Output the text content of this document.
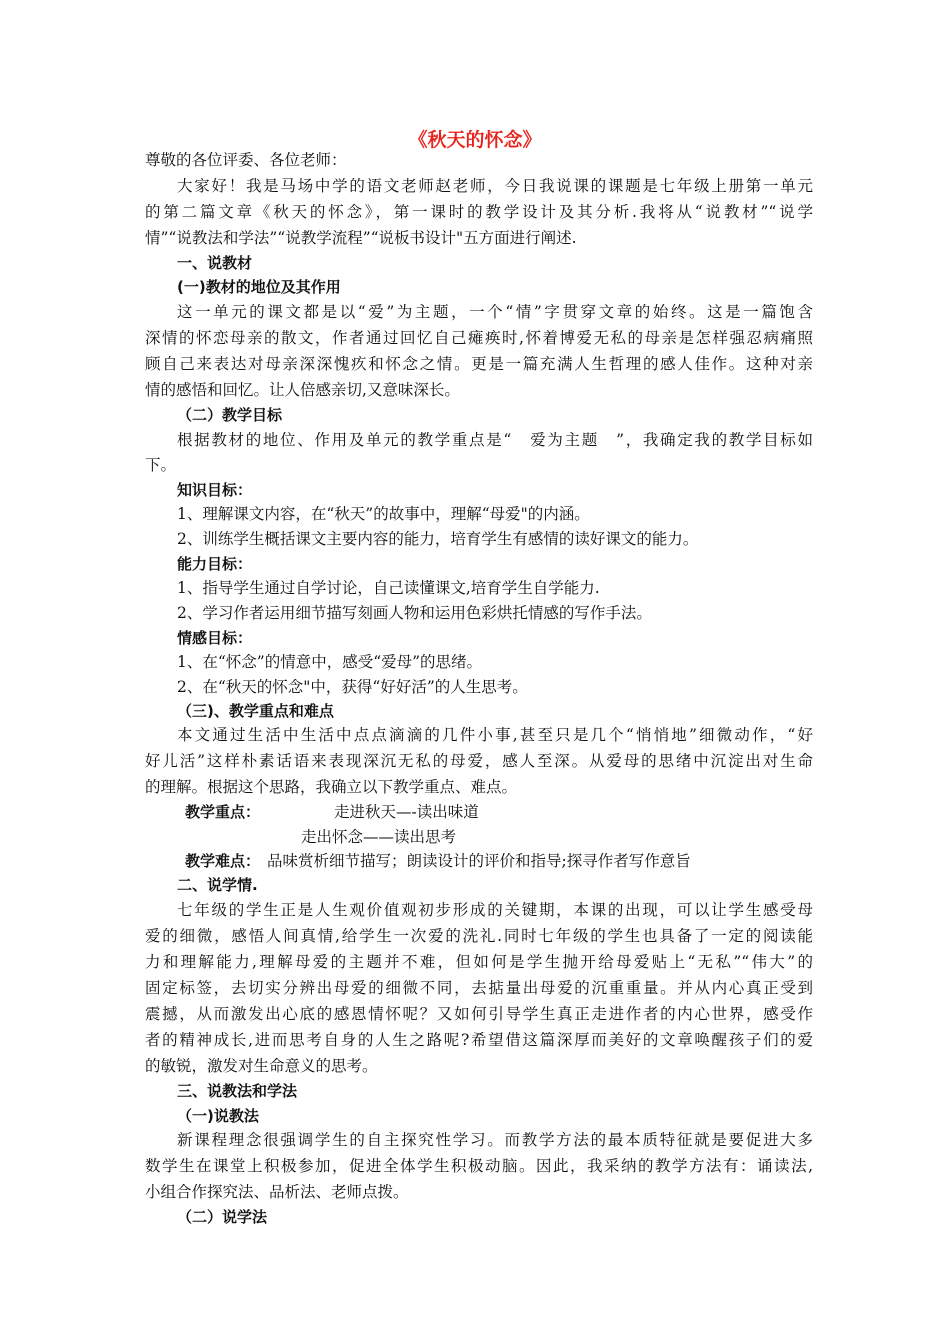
《秋天的怀念》
尊敬的各位评委、各位老师：
大家好！我是马场中学的语文老师赵老师，今日我说课的课题是七年级上册第一单元
的第二篇文章《秋天的怀念》，第一课时的教学设计及其分析.我将从“说教材”“说学
情”“说教法和学法”“说教学流程”“说板书设计"五方面进行阐述.
一、说教材
(一)教材的地位及其作用
这一单元的课文都是以“爱”为主题，一个“情”字贯穿文章的始终。这是一篇饱含
深情的怀恋母亲的散文，作者通过回忆自己瘫痪时,怀着博爱无私的母亲是怎样强忍病痛照
顾自己来表达对母亲深深愧疚和怀念之情。更是一篇充满人生哲理的感人佳作。这种对亲
情的感悟和回忆。让人倍感亲切,又意味深长。
（二）教学目标
根据教材的地位、作用及单元的教学重点是“　爱为主题　”，我确定我的教学目标如
下。
知识目标：
1、理解课文内容，在“秋天”的故事中，理解“母爱"的内涵。
2、训练学生概括课文主要内容的能力，培育学生有感情的读好课文的能力。
能力目标：
1、指导学生通过自学讨论，自己读懂课文,培育学生自学能力.
2、学习作者运用细节描写刻画人物和运用色彩烘托情感的写作手法。
情感目标：
1、在“怀念”的情意中，感受“爱母”的思绪。
2、在“秋天的怀念"中，获得“好好活”的人生思考。
（三)、教学重点和难点
本文通过生活中生活中点点滴滴的几件小事,甚至只是几个“悄悄地”细微动作，“好
好儿活”这样朴素话语来表现深沉无私的母爱，感人至深。从爱母的思绪中沉淀出对生命
的理解。根据这个思路，我确立以下教学重点、难点。
教学重点：	走进秋天—-读出味道
走出怀念——读出思考
教学难点： 品味赏析细节描写；朗读设计的评价和指导;探寻作者写作意旨
二、说学情.
七年级的学生正是人生观价值观初步形成的关键期，本课的出现，可以让学生感受母
爱的细微，感悟人间真情,给学生一次爱的洗礼.同时七年级的学生也具备了一定的阅读能
力和理解能力,理解母爱的主题并不难，但如何是学生抛开给母爱贴上“无私”“伟大”的
固定标签，去切实分辨出母爱的细微不同，去掂量出母爱的沉重重量。并从内心真正受到
震撼，从而激发出心底的感恩情怀呢？又如何引导学生真正走进作者的内心世界，感受作
者的精神成长,进而思考自身的人生之路呢?希望借这篇深厚而美好的文章唤醒孩子们的爱
的敏锐，激发对生命意义的思考。
三、说教法和学法
（一)说教法
新课程理念很强调学生的自主探究性学习。而教学方法的最本质特征就是要促进大多
数学生在课堂上积极参加，促进全体学生积极动脑。因此，我采纳的教学方法有：诵读法,
小组合作探究法、品析法、老师点拨。
（二）说学法
